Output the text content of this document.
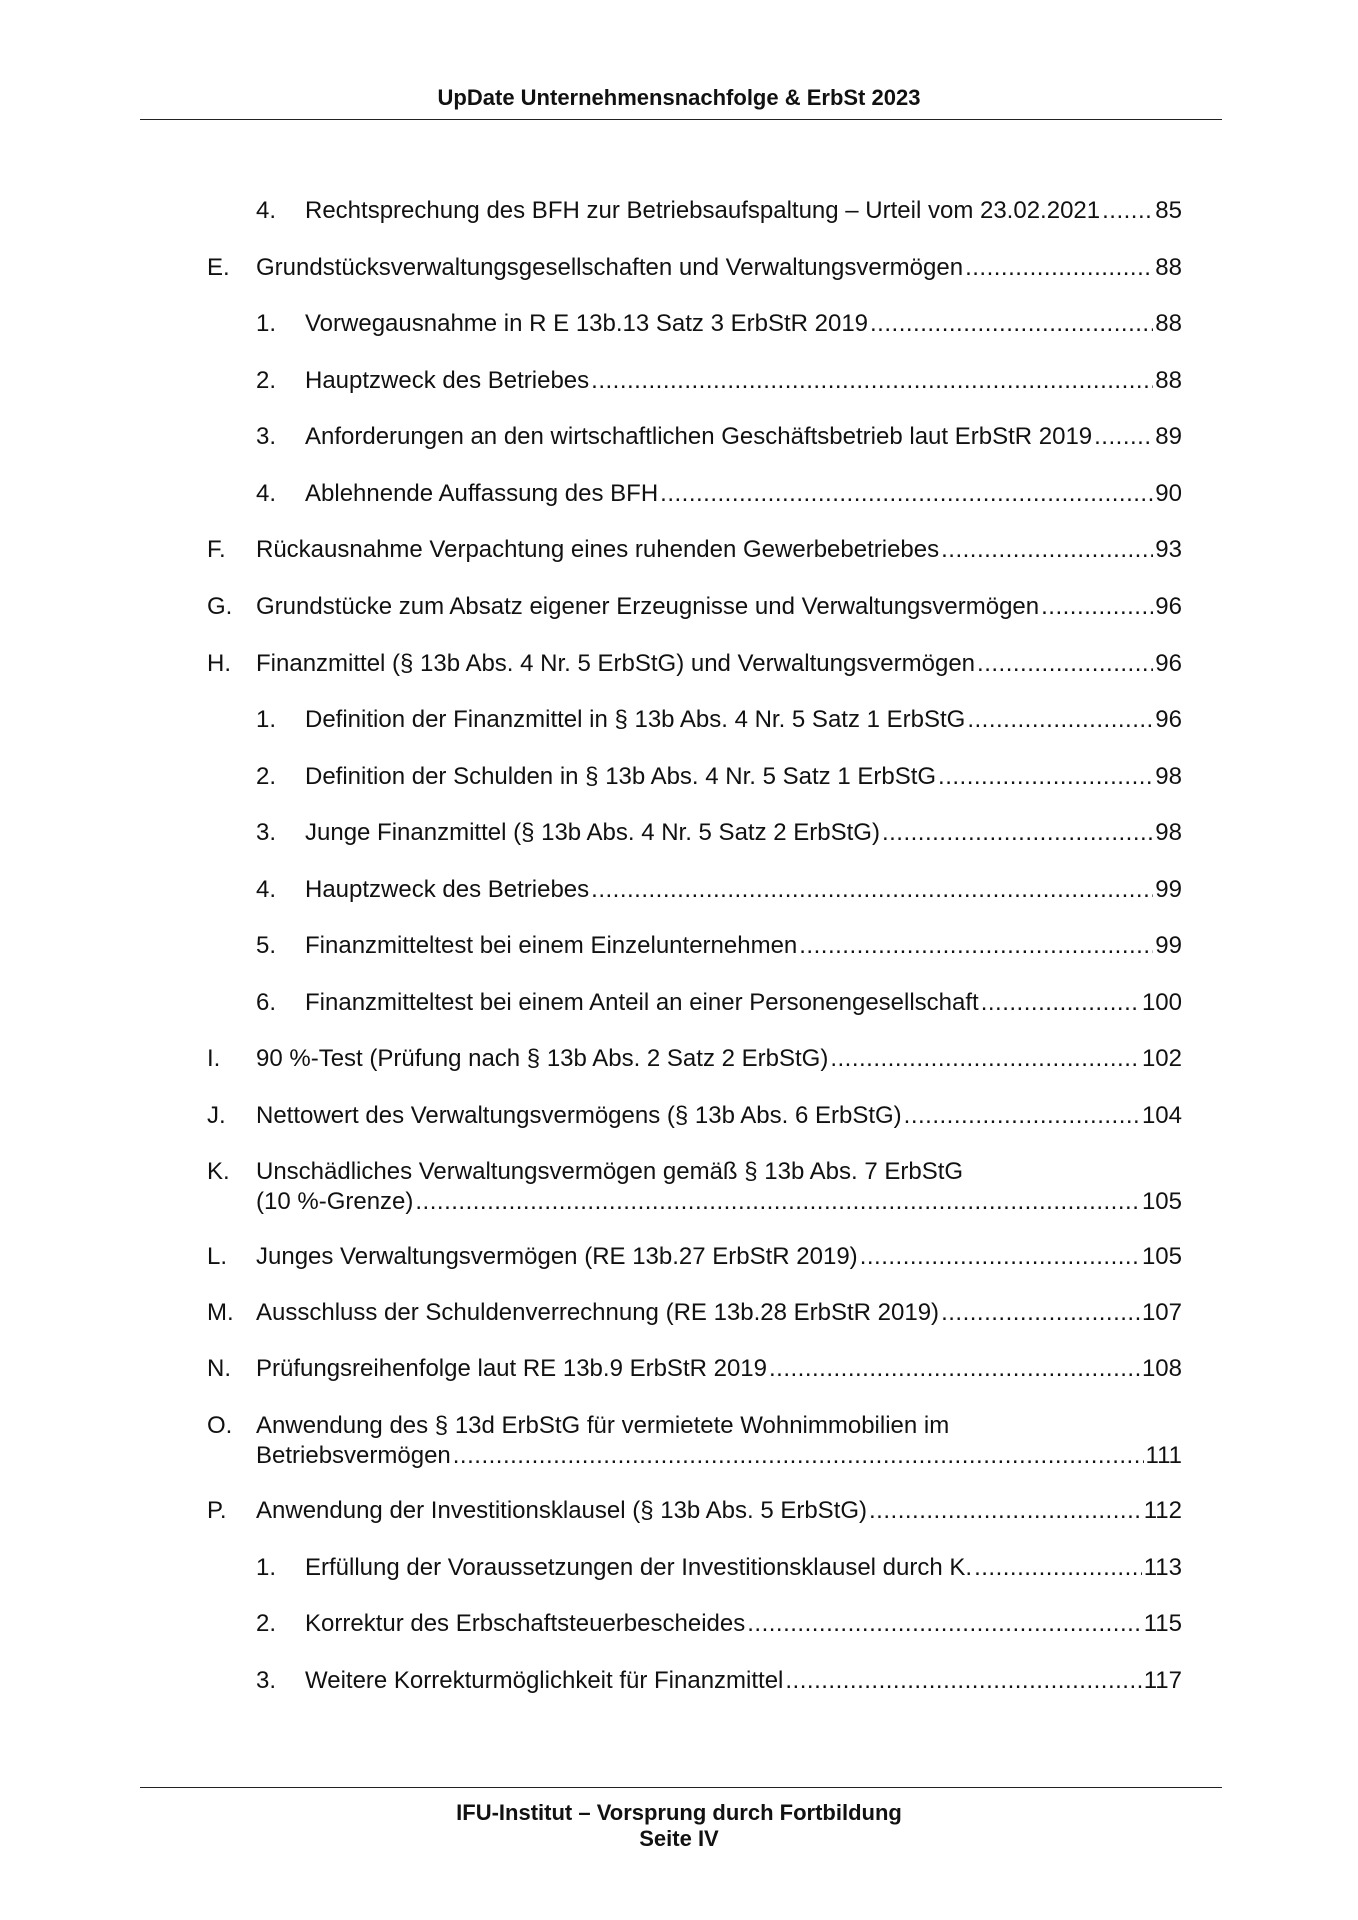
UpDate Unternehmensnachfolge & ErbSt 2023
4. Rechtsprechung des BFH zur Betriebsaufspaltung – Urteil vom 23.02.2021 ..... 85
E. Grundstücksverwaltungsgesellschaften und Verwaltungsvermögen .....	88
1. Vorwegausnahme in R E 13b.13 Satz 3 ErbStR 2019 .....	88
2. Hauptzweck des Betriebes .....	88
3. Anforderungen an den wirtschaftlichen Geschäftsbetrieb laut ErbStR 2019 .....	89
4. Ablehnende Auffassung des BFH .....	90
F. Rückausnahme Verpachtung eines ruhenden Gewerbebetriebes .....	93
G. Grundstücke zum Absatz eigener Erzeugnisse und Verwaltungsvermögen .....	96
H. Finanzmittel (§ 13b Abs. 4 Nr. 5 ErbStG) und Verwaltungsvermögen .....	96
1. Definition der Finanzmittel in § 13b Abs. 4 Nr. 5 Satz 1 ErbStG .....	96
2. Definition der Schulden in § 13b Abs. 4 Nr. 5 Satz 1 ErbStG .....	98
3. Junge Finanzmittel (§ 13b Abs. 4 Nr. 5 Satz 2 ErbStG) .....	98
4. Hauptzweck des Betriebes .....	99
5. Finanzmitteltest bei einem Einzelunternehmen .....	99
6. Finanzmitteltest bei einem Anteil an einer Personengesellschaft .....	100
I. 90 %-Test (Prüfung nach § 13b Abs. 2 Satz 2 ErbStG) .....	102
J. Nettowert des Verwaltungsvermögens (§ 13b Abs. 6 ErbStG) .....	104
K. Unschädliches Verwaltungsvermögen gemäß § 13b Abs. 7 ErbStG
(10 %-Grenze) .....	105
L. Junges Verwaltungsvermögen (RE 13b.27 ErbStR 2019) .....	105
M. Ausschluss der Schuldenverrechnung (RE 13b.28 ErbStR 2019) .....	107
N. Prüfungsreihenfolge laut RE 13b.9 ErbStR 2019 .....	108
O. Anwendung des § 13d ErbStG für vermietete Wohnimmobilien im
Betriebsvermögen .....	111
P. Anwendung der Investitionsklausel (§ 13b Abs. 5 ErbStG) .....	112
1. Erfüllung der Voraussetzungen der Investitionsklausel durch K. .....	113
2. Korrektur des Erbschaftsteuerbescheides .....	115
3. Weitere Korrekturmöglichkeit für Finanzmittel .....	117
IFU-Institut – Vorsprung durch Fortbildung
Seite IV
